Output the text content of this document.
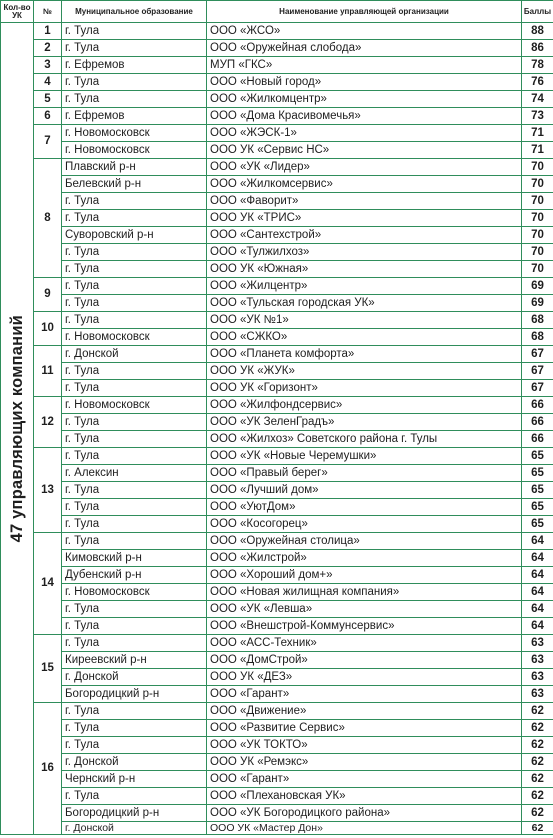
Кол-во УК	№	Муниципальное образование	Наименование управляющей организации	Баллы

47 управляющих компаний	1	г. Тула	ООО «ЖСО»	88
	2	г. Тула	ООО «Оружейная слобода»	86
	3	г. Ефремов	МУП «ГКС»	78
	4	г. Тула	ООО «Новый город»	76
	5	г. Тула	ООО «Жилкомцентр»	74
	6	г. Ефремов	ООО «Дома Красивомечья»	73
	7	г. Новомосковск	ООО «ЖЭСК-1»	71
		г. Новомосковск	ООО УК «Сервис НС»	71
	8	Плавский р-н	ООО «УК «Лидер»	70
		Белевский р-н	ООО «Жилкомсервис»	70
		г. Тула	ООО «Фаворит»	70
		г. Тула	ООО УК «ТРИС»	70
		Суворовский р-н	ООО «Сантехстрой»	70
		г. Тула	ООО «Тулжилхоз»	70
		г. Тула	ООО УК «Южная»	70
	9	г. Тула	ООО «Жилцентр»	69
		г. Тула	ООО «Тульская городская УК»	69
	10	г. Тула	ООО «УК №1»	68
		г. Новомосковск	ООО «СЖКО»	68
	11	г. Донской	ООО «Планета комфорта»	67
		г. Тула	ООО УК «ЖУК»	67
		г. Тула	ООО УК «Горизонт»	67
	12	г. Новомосковск	ООО «Жилфондсервис»	66
		г. Тула	ООО «УК ЗеленГрадъ»	66
		г. Тула	ООО «Жилхоз» Советского района г. Тулы	66
	13	г. Тула	ООО «УК «Новые Черемушки»	65
		г. Алексин	ООО «Правый берег»	65
		г. Тула	ООО «Лучший дом»	65
		г. Тула	ООО «УютДом»	65
		г. Тула	ООО «Косогорец»	65
	14	г. Тула	ООО «Оружейная столица»	64
		Кимовский р-н	ООО «Жилстрой»	64
		Дубенский р-н	ООО «Хороший дом+»	64
		г. Новомосковск	ООО «Новая жилищная компания»	64
		г. Тула	ООО «УК «Левша»	64
		г. Тула	ООО «Внешстрой-Коммунсервис»	64
	15	г. Тула	ООО «АСС-Техник»	63
		Киреевский р-н	ООО «ДомСтрой»	63
		г. Донской	ООО УК «ДЕЗ»	63
		Богородицкий р-н	ООО «Гарант»	63
	16	г. Тула	ООО «Движение»	62
		г. Тула	ООО «Развитие Сервис»	62
		г. Тула	ООО «УК ТОКТО»	62
		г. Донской	ООО УК «Ремэкс»	62
		Чернский р-н	ООО «Гарант»	62
		г. Тула	ООО «Плехановская УК»	62
		Богородицкий р-н	ООО «УК Богородицкого района»	62
		г. Донской	ООО УК «Мастер Дон»	62
